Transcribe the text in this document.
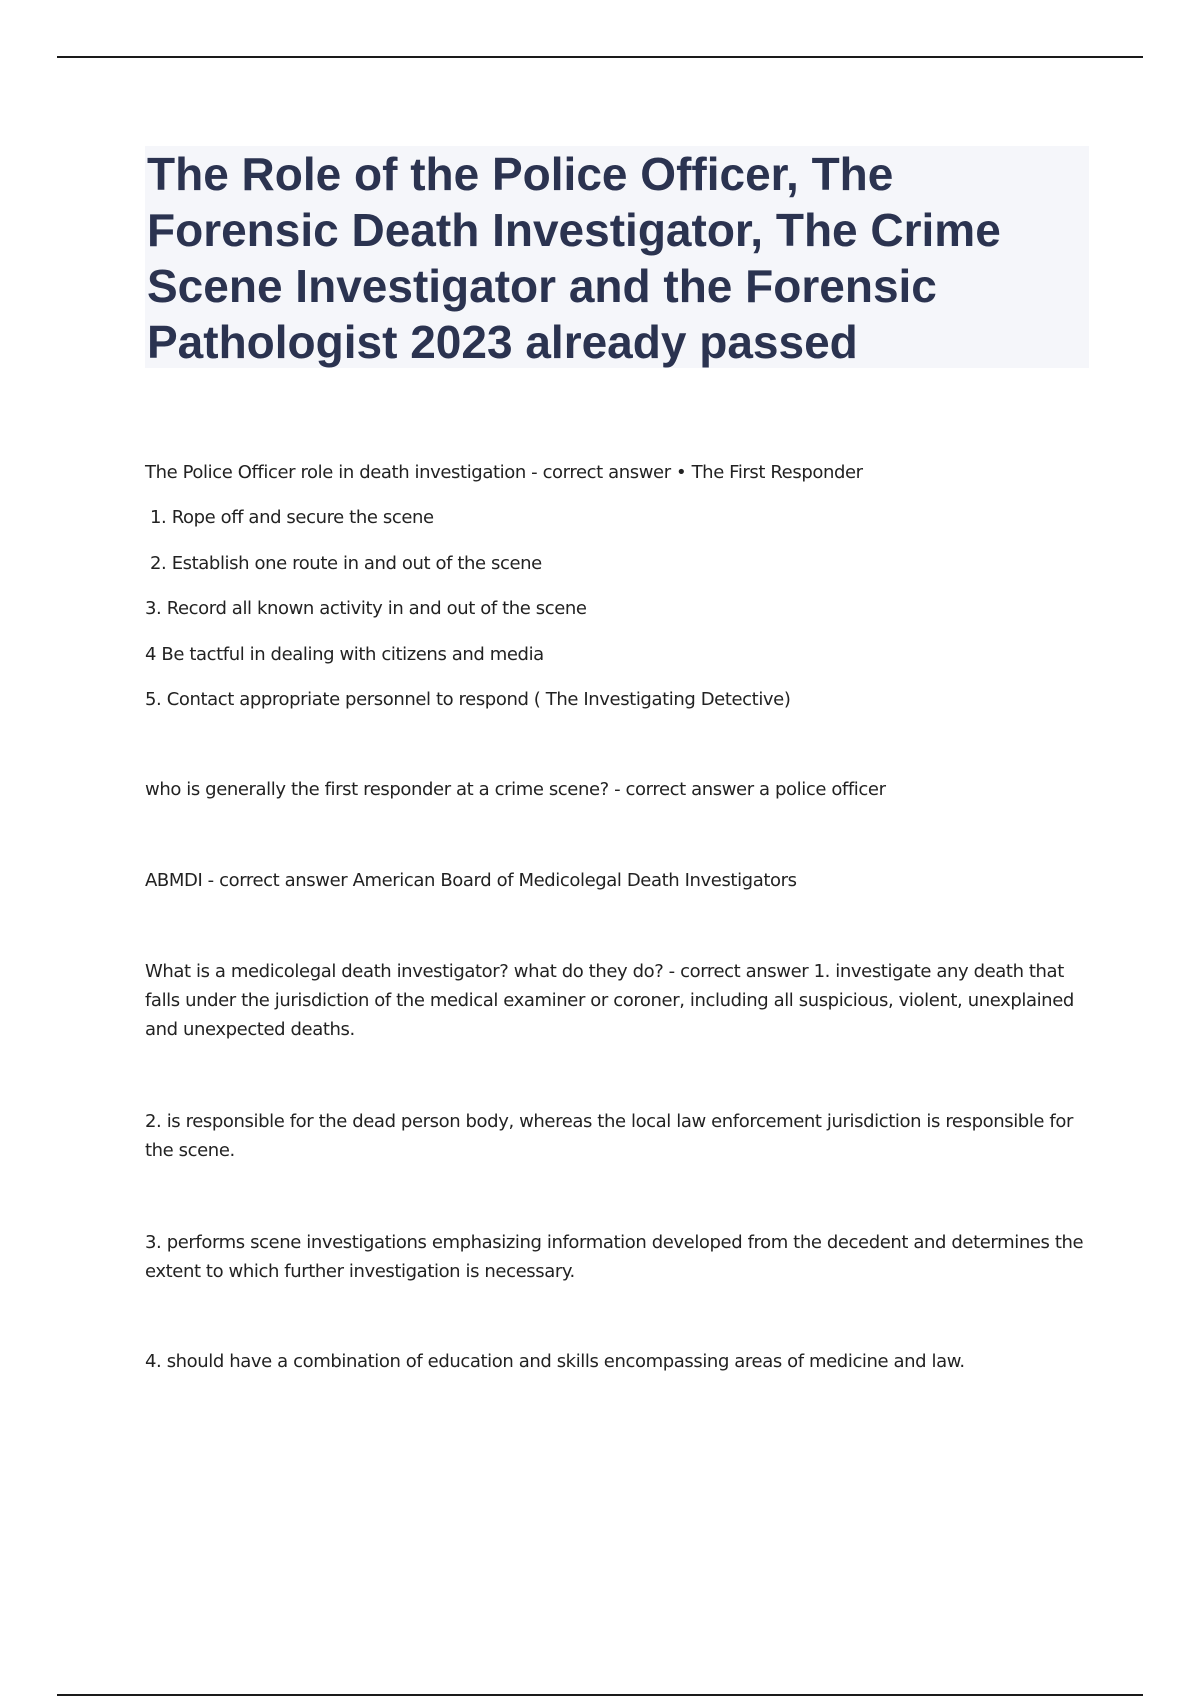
The Role of the Police Officer, The Forensic Death Investigator, The Crime Scene Investigator and the Forensic Pathologist 2023 already passed

The Police Officer role in death investigation - correct answer • The First Responder

1. Rope off and secure the scene

2. Establish one route in and out of the scene

3. Record all known activity in and out of the scene

4 Be tactful in dealing with citizens and media

5. Contact appropriate personnel to respond ( The Investigating Detective)

who is generally the first responder at a crime scene? - correct answer a police officer

ABMDI - correct answer American Board of Medicolegal Death Investigators

What is a medicolegal death investigator? what do they do? - correct answer 1. investigate any death that falls under the jurisdiction of the medical examiner or coroner, including all suspicious, violent, unexplained and unexpected deaths.

2. is responsible for the dead person body, whereas the local law enforcement jurisdiction is responsible for the scene.

3. performs scene investigations emphasizing information developed from the decedent and determines the extent to which further investigation is necessary.

4. should have a combination of education and skills encompassing areas of medicine and law.
